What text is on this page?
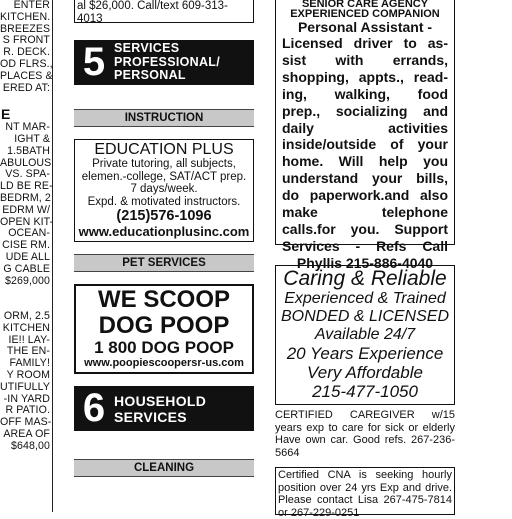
ENTER
KITCHEN.
BREEZES
S FRONT
R. DECK.
OD FLRS.,
PLACES &
ERED AT:
E
NT MAR-
IGHT &
1.5BATH
ABULOUS
VS. SPA-
LD BE RE-
BEDRM, 2
EDRM W/
OPEN KIT-
OCEAN-
CISE RM.
UDE ALL
G CABLE
$269,000
ORM, 2.5
KITCHEN
IE!! LAY-
THE EN-
FAMILY!
Y ROOM
UTIFULLY
-IN YARD
R PATIO.
OFF MAS-
AREA OF
$648,00
al $26,000. Call/text 609-313-
4013
5 SERVICES
PROFESSIONAL/
PERSONAL
INSTRUCTION
EDUCATION PLUS
Private tutoring, all subjects,
elemen.-college, SAT/ACT prep.
7 days/week.
Expd. & motivated instructors.
(215)576-1096
www.educationplusinc.com
PET SERVICES
WE SCOOP
DOG POOP
1 800 DOG POOP
www.poopiescoopersr-us.com
6 HOUSEHOLD
SERVICES
CLEANING
SENIOR CARE AGENCY
EXPERIENCED COMPANION
Personal Assistant -
Licensed driver to as-
sist with errands,
shopping, appts., read-
ing, walking, food
prep., socializing and
daily activities
inside/outside of your
home. Will help you
understand your bills,
do paperwork.and also
make telephone
calls.for you. Support
Services - Refs Call
Phyllis 215-886-4040
Caring & Reliable
Experienced & Trained
BONDED & LICENSED
Available 24/7
20 Years Experience
Very Affordable
215-477-1050
CERTIFIED CAREGIVER w/15 years exp to care for sick or elderly Have own car. Good refs. 267-236-5664
Certified CNA is seeking hourly position over 24 yrs Exp and drive. Please contact Lisa 267-475-7814 or 267-229-0251
